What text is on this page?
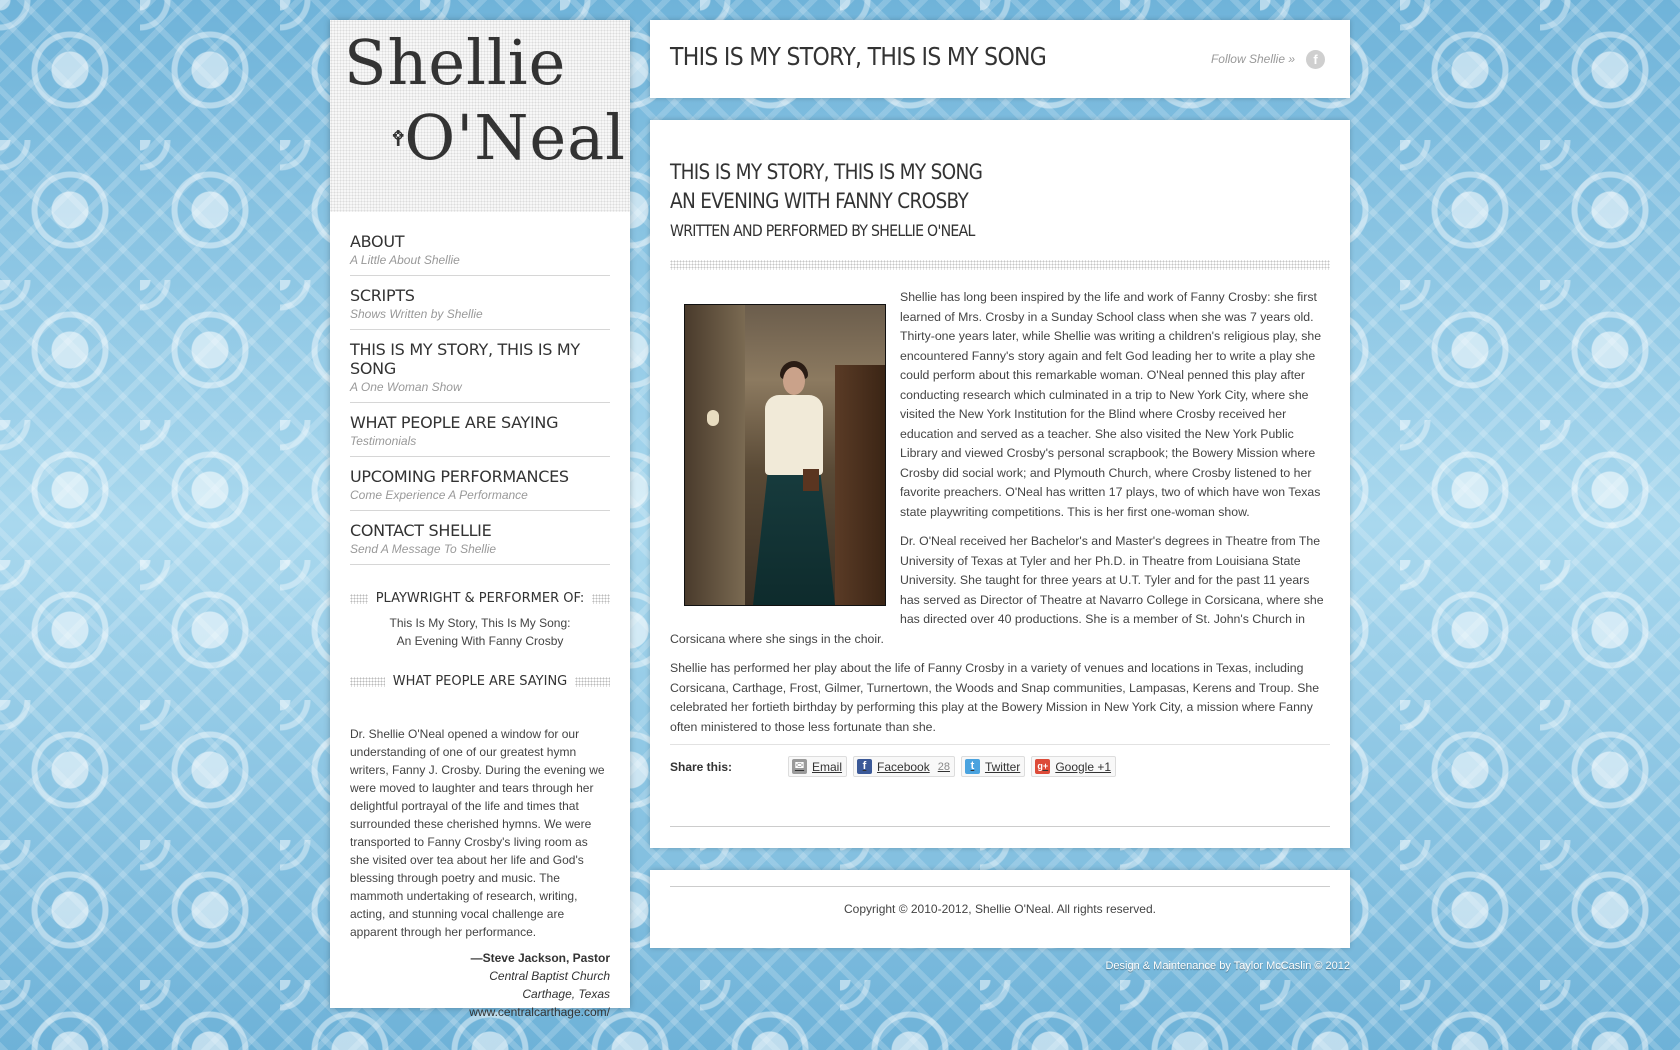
Shellie
O' Neal
ABOUT
A Little About Shellie
SCRIPTS
Shows Written by Shellie
THIS IS MY STORY, THIS IS MY SONG
A One Woman Show
WHAT PEOPLE ARE SAYING
Testimonials
UPCOMING PERFORMANCES
Come Experience A Performance
CONTACT SHELLIE
Send A Message To Shellie
PLAYWRIGHT & PERFORMER OF:
This Is My Story, This Is My Song:
An Evening With Fanny Crosby
WHAT PEOPLE ARE SAYING
Dr. Shellie O'Neal opened a window for our understanding of one of our greatest hymn writers, Fanny J. Crosby. During the evening we were moved to laughter and tears through her delightful portrayal of the life and times that surrounded these cherished hymns. We were transported to Fanny Crosby's living room as she visited over tea about her life and God's blessing through poetry and music. The mammoth undertaking of research, writing, acting, and stunning vocal challenge are apparent through her performance.
—Steve Jackson, Pastor
Central Baptist Church
Carthage, Texas
www.centralcarthage.com/
THIS IS MY STORY, THIS IS MY SONG	Follow Shellie »	f
THIS IS MY STORY, THIS IS MY SONG
AN EVENING WITH FANNY CROSBY
WRITTEN AND PERFORMED BY SHELLIE O'NEAL

Shellie has long been inspired by the life and work of Fanny Crosby: she first learned of Mrs. Crosby in a Sunday School class when she was 7 years old. Thirty-one years later, while Shellie was writing a children's religious play, she encountered Fanny's story again and felt God leading her to write a play she could perform about this remarkable woman. O'Neal penned this play after conducting research which culminated in a trip to New York City, where she visited the New York Institution for the Blind where Crosby received her education and served as a teacher. She also visited the New York Public Library and viewed Crosby's personal scrapbook; the Bowery Mission where Crosby did social work; and Plymouth Church, where Crosby listened to her favorite preachers. O'Neal has written 17 plays, two of which have won Texas state playwriting competitions. This is her first one-woman show.

Dr. O'Neal received her Bachelor's and Master's degrees in Theatre from The University of Texas at Tyler and her Ph.D. in Theatre from Louisiana State University. She taught for three years at U.T. Tyler and for the past 11 years has served as Director of Theatre at Navarro College in Corsicana, where she has directed over 40 productions. She is a member of St. John's Church in Corsicana where she sings in the choir.

Shellie has performed her play about the life of Fanny Crosby in a variety of venues and locations in Texas, including Corsicana, Carthage, Frost, Gilmer, Turnertown, the Woods and Snap communities, Lampasas, Kerens and Troup. She celebrated her fortieth birthday by performing this play at the Bowery Mission in New York City, a mission where Fanny often ministered to those less fortunate than she.

Share this:	✉ Email	f Facebook 28	t Twitter g+ Google +1
Copyright © 2010-2012, Shellie O'Neal. All rights reserved.
Design & Maintenance by Taylor McCaslin © 2012
